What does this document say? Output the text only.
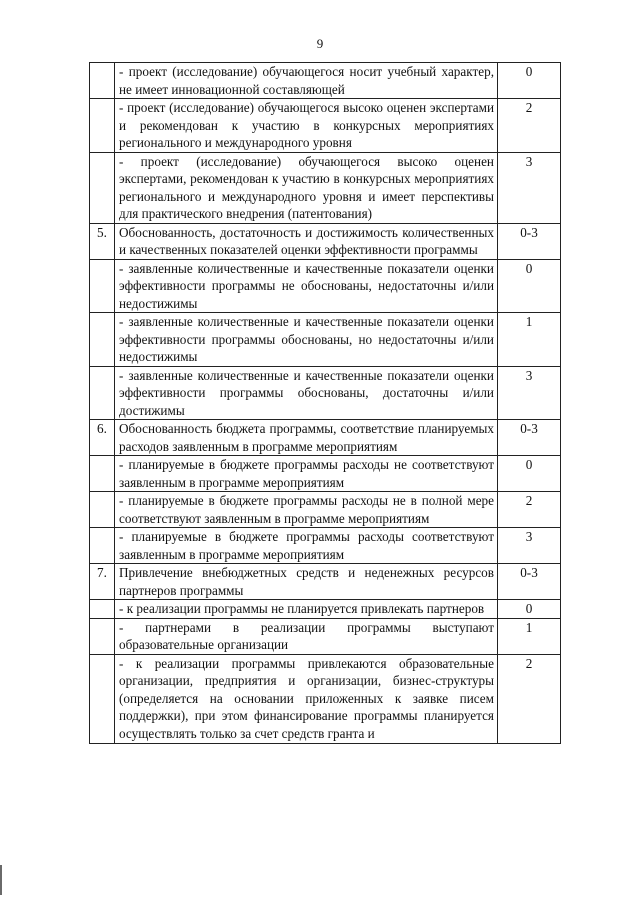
9
	- проект (исследование) обучающегося носит учебный характер, не имеет инновационной составляющей	0
	- проект (исследование) обучающегося высоко оценен экспертами и рекомендован к участию в конкурсных мероприятиях регионального и международного уровня	2
	- проект (исследование) обучающегося высоко оценен экспертами, рекомендован к участию в конкурсных мероприятиях регионального и международного уровня и имеет перспективы для практического внедрения (патентования)	3
5.	Обоснованность, достаточность и достижимость количественных и качественных показателей оценки эффективности программы	0-3
	- заявленные количественные и качественные показатели оценки эффективности программы не обоснованы, недостаточны и/или недостижимы	0
	- заявленные количественные и качественные показатели оценки эффективности программы обоснованы, но недостаточны и/или недостижимы	1
	- заявленные количественные и качественные показатели оценки эффективности программы обоснованы, достаточны и/или достижимы	3
6.	Обоснованность бюджета программы, соответствие планируемых расходов заявленным в программе мероприятиям	0-3
	- планируемые в бюджете программы расходы не соответствуют заявленным в программе мероприятиям	0
	- планируемые в бюджете программы расходы не в полной мере соответствуют заявленным в программе мероприятиям	2
	- планируемые в бюджете программы расходы соответствуют заявленным в программе мероприятиям	3
7.	Привлечение внебюджетных средств и неденежных ресурсов партнеров программы	0-3
	- к реализации программы не планируется привлекать партнеров	0
	- партнерами в реализации программы выступают образовательные организации	1
	- к реализации программы привлекаются образовательные организации, предприятия и организации, бизнес-структуры (определяется на основании приложенных к заявке писем поддержки), при этом финансирование программы планируется осуществлять только за счет средств гранта и	2
